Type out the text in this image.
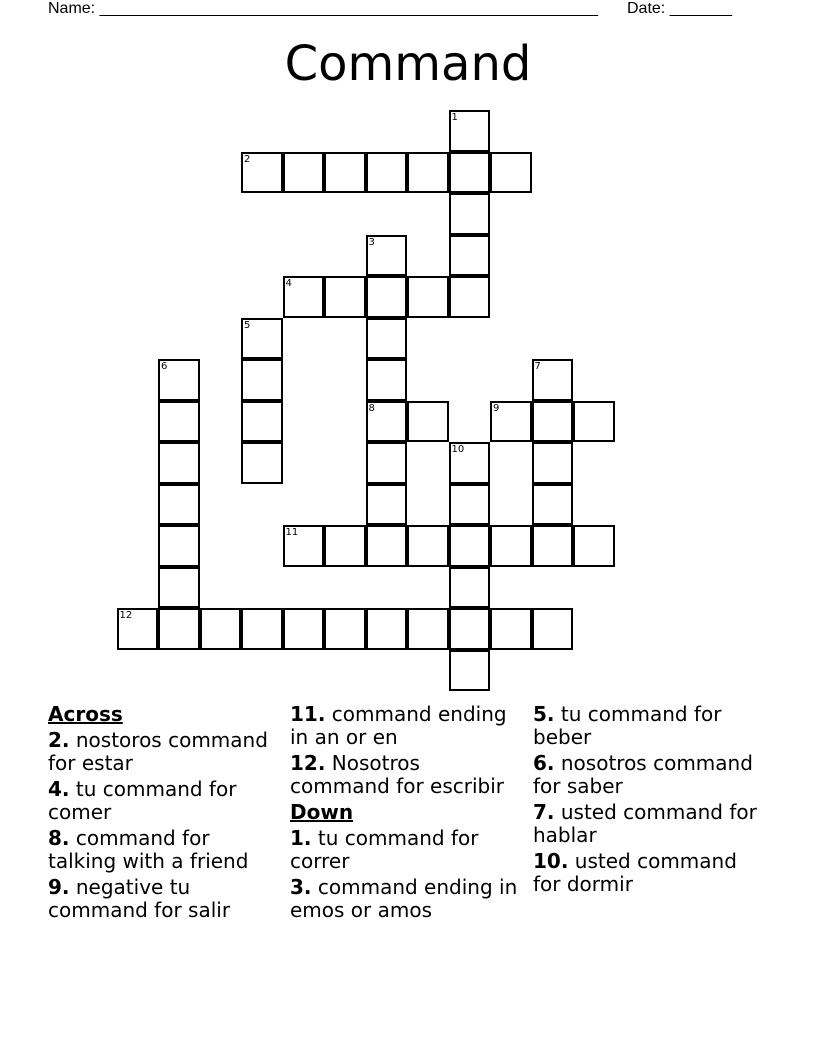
Name: ________________________________________________________ Date: _______
Command
1
2
3
4
5
6	7
8	9
10
11
12
Across
2. nostoros command for estar
4. tu command for comer
8. command for talking with a friend
9. negative tu command for salir
11. command ending in an or en
12. Nosotros command for escribir
Down
1. tu command for correr
3. command ending in emos or amos
5. tu command for beber
6. nosotros command for saber
7. usted command for hablar
10. usted command for dormir
